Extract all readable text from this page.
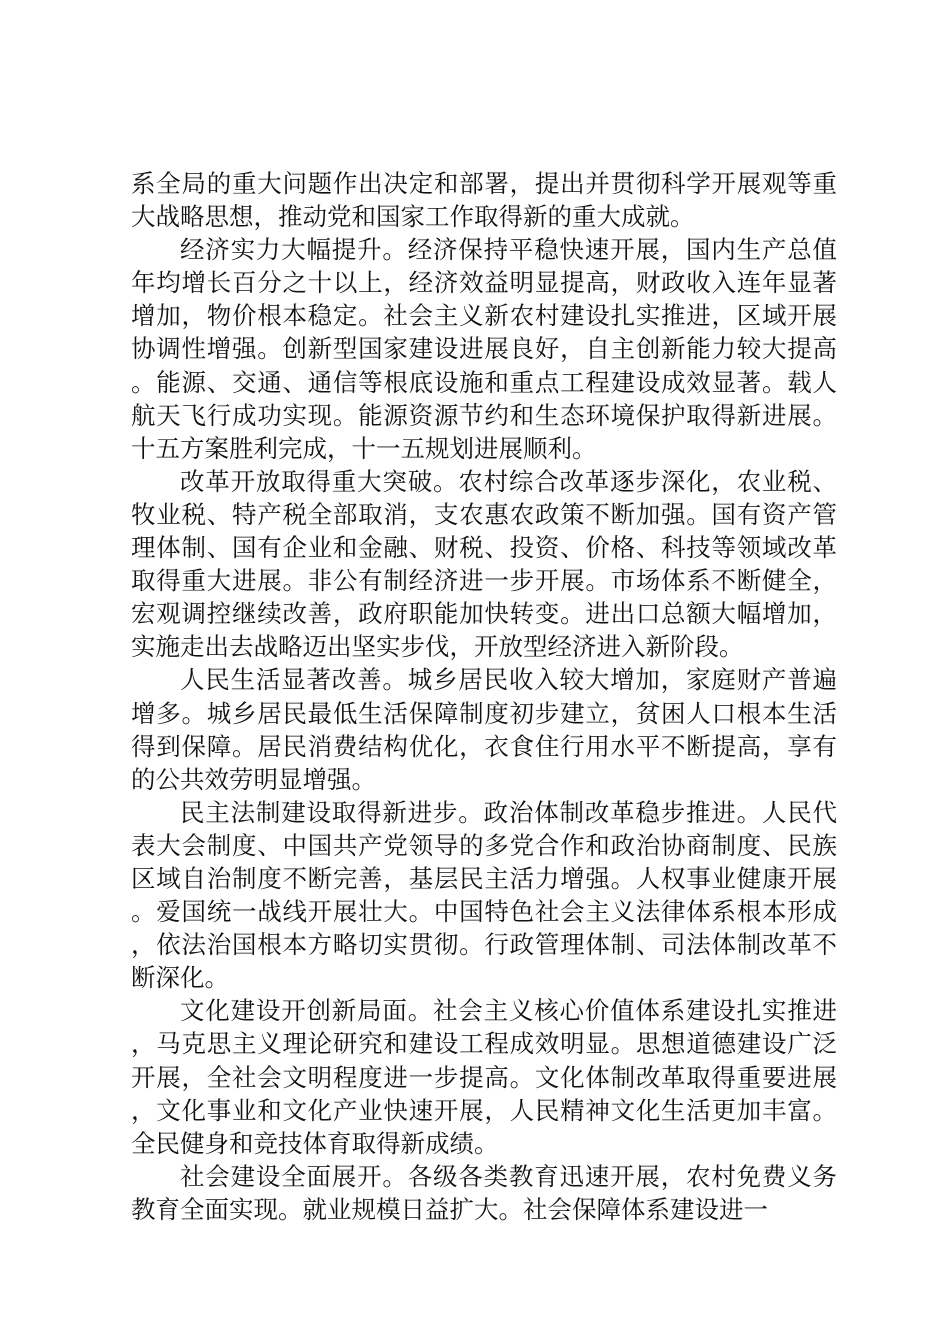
系全局的重大问题作出决定和部署，提出并贯彻科学开展观等重大战略思想，推动党和国家工作取得新的重大成就。

经济实力大幅提升。经济保持平稳快速开展，国内生产总值年均增长百分之十以上，经济效益明显提高，财政收入连年显著增加，物价根本稳定。社会主义新农村建设扎实推进，区域开展协调性增强。创新型国家建设进展良好，自主创新能力较大提高。能源、交通、通信等根底设施和重点工程建设成效显著。载人航天飞行成功实现。能源资源节约和生态环境保护取得新进展。十五方案胜利完成，十一五规划进展顺利。

改革开放取得重大突破。农村综合改革逐步深化，农业税、牧业税、特产税全部取消，支农惠农政策不断加强。国有资产管理体制、国有企业和金融、财税、投资、价格、科技等领域改革取得重大进展。非公有制经济进一步开展。市场体系不断健全，宏观调控继续改善，政府职能加快转变。进出口总额大幅增加，实施走出去战略迈出坚实步伐，开放型经济进入新阶段。

人民生活显著改善。城乡居民收入较大增加，家庭财产普遍增多。城乡居民最低生活保障制度初步建立，贫困人口根本生活得到保障。居民消费结构优化，衣食住行用水平不断提高，享有的公共效劳明显增强。

民主法制建设取得新进步。政治体制改革稳步推进。人民代表大会制度、中国共产党领导的多党合作和政治协商制度、民族区域自治制度不断完善，基层民主活力增强。人权事业健康开展。爱国统一战线开展壮大。中国特色社会主义法律体系根本形成，依法治国根本方略切实贯彻。行政管理体制、司法体制改革不断深化。

文化建设开创新局面。社会主义核心价值体系建设扎实推进，马克思主义理论研究和建设工程成效明显。思想道德建设广泛开展，全社会文明程度进一步提高。文化体制改革取得重要进展，文化事业和文化产业快速开展，人民精神文化生活更加丰富。全民健身和竞技体育取得新成绩。

社会建设全面展开。各级各类教育迅速开展，农村免费义务教育全面实现。就业规模日益扩大。社会保障体系建设进一
